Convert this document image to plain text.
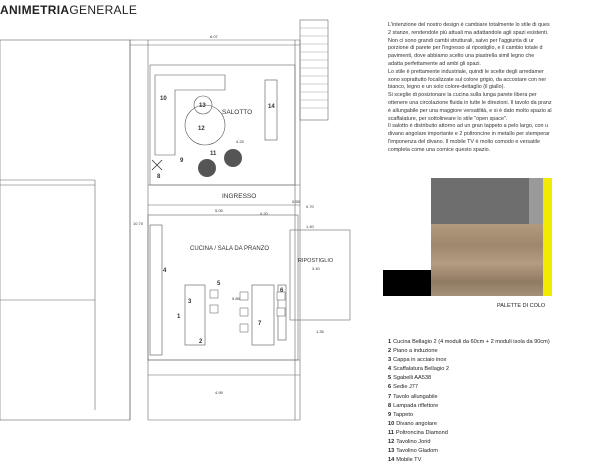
ANIMETRIAGENERALE
SALOTTO
INGRESSO
CUCINA / SALA DA PRANZO
RIPOSTIGLIO
6.07
4.25
5.05
10.70
0.55
0.70
0.20
1.40
3.40
5.85
4.95
1.35
1
2
3
4
5
6
7
8
9
10
11
12
13	14

L'intenzione del nostro design è cambiare totalmente lo stile di ques

2 stanze, rendendole più attuali ma adattandole agli spazi esistenti.

Non ci sono grandi cambi strutturali, salvo per l'aggiunta di ur

porzione di parete per l'ingresso al ripostiglio, e il cambio totale d

pavimenti, dove abbiamo scelto una piastrella simil legno che

adatta perfettamente ad ambi gli spazi.

Lo stile è prettamente industriale, quindi le scelte degli arredamer

sono soprattutto focalizzate sul colore grigio, da accostare con ner

bianco, legno e un solo colore-dettaglio (il giallo).

Si sceglie di posizionare la cucina sulla lunga parete libera per

ottenere una circolazione fluida in tutte le direzioni. Il tavolo da pranz

è allungabile per una maggiore versatilità, e si è dato molto spazio al

scaffalature, per sottolineare lo stile "open space".

Il salotto è distribuito attorno ad un gran tappeto a pelo largo, con u

divano angolare importante e 2 poltroncine in metallo per stemperar

l'imponenza del divano. Il mobile TV è molto comodo e versatile

completa come una cornice questo spazio.

PALETTE DI COLO
1 Cucina Bellagio 2 (4 moduli da 60cm + 2 moduli isola da 90cm)
2 Piano a induzione
3 Cappa in acciaio inox
4 Scaffalatura Bellagio 2
5 Sgabelli AA538
6 Sedie J77
7 Tavolo allungabile
8 Lampada riflettore
9 Tappeto
10 Divano angolare
11 Poltroncina Diamond
12 Tavolino Jorid
13 Tavolino Gladom
14 Mobile TV
